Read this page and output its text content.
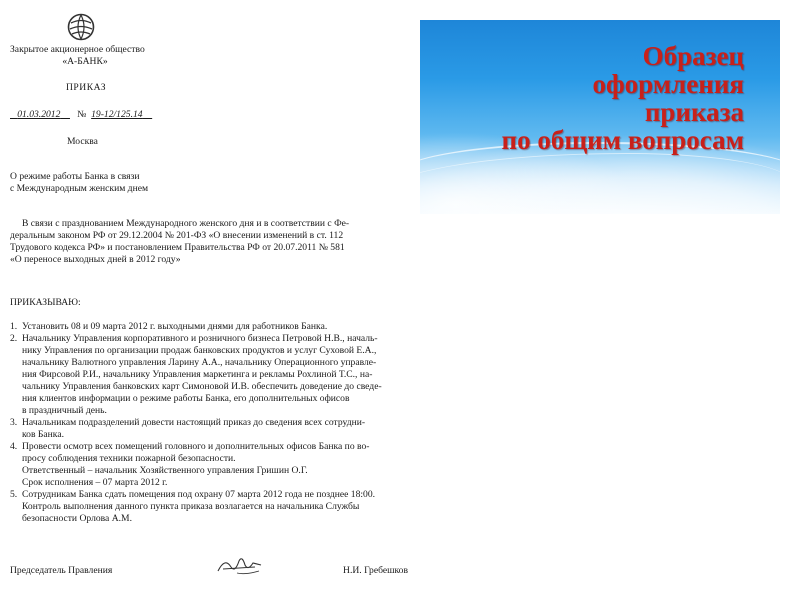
Закрытое акционерное общество
«А-БАНК»
ПРИКАЗ
01.03.2012 № 19-12/125.14
Москва
О режиме работы Банка в связи
с Международным женским днем
В связи с празднованием Международного женского дня и в соответствии с Фе-
деральным законом РФ от 29.12.2004 № 201-ФЗ «О внесении изменений в ст. 112
Трудового кодекса РФ» и постановлением Правительства РФ от 20.07.2011 № 581
«О переносе выходных дней в 2012 году»
ПРИКАЗЫВАЮ:
1. Установить 08 и 09 марта 2012 г. выходными днями для работников Банка.
2. Начальнику Управления корпоративного и розничного бизнеса Петровой Н.В., началь-
нику Управления по организации продаж банковских продуктов и услуг Суховой Е.А.,
начальнику Валютного управления Ларину А.А., начальнику Операционного управле-
ния Фирсовой Р.И., начальнику Управления маркетинга и рекламы Рохлиной Т.С., на-
чальнику Управления банковских карт Симоновой И.В. обеспечить доведение до сведе-
ния клиентов информации о режиме работы Банка, его дополнительных офисов
в праздничный день.
3. Начальникам подразделений довести настоящий приказ до сведения всех сотрудни-
ков Банка.
4. Провести осмотр всех помещений головного и дополнительных офисов Банка по во-
просу соблюдения техники пожарной безопасности.
Ответственный – начальник Хозяйственного управления Гришин О.Г.
Срок исполнения – 07 марта 2012 г.
5. Сотрудникам Банка сдать помещения под охрану 07 марта 2012 года не позднее 18:00.
Контроль выполнения данного пункта приказа возлагается на начальника Службы
безопасности Орлова А.М.
Председатель Правления	Н.И. Гребешков
Образец
оформления
приказа
по общим вопросам
